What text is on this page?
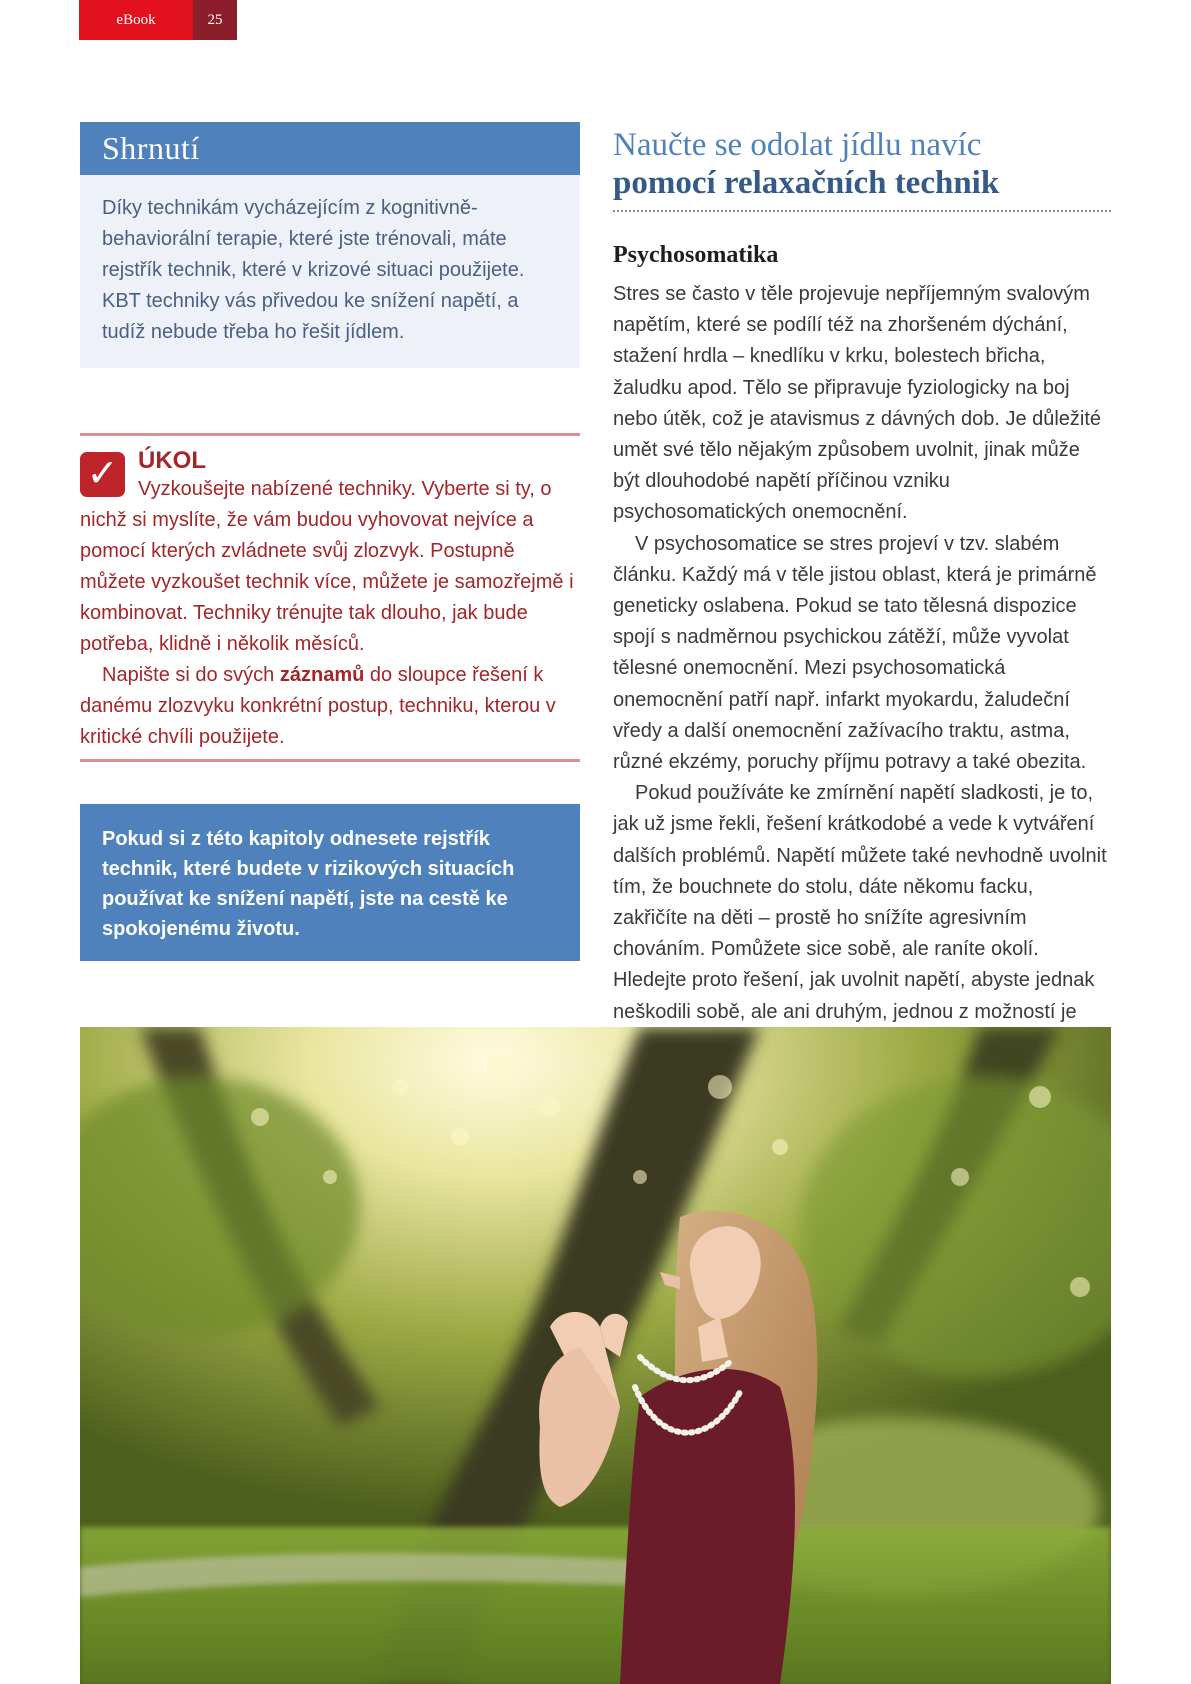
eBook	25
Shrnutí
Díky technikám vycházejícím z kognitivně-behaviorální terapie, které jste trénovali, máte rejstřík technik, které v krizové situaci použijete. KBT techniky vás přivedou ke snížení napětí, a tudíž nebude třeba ho řešit jídlem.
✓ ÚKOL

Vyzkoušejte nabízené techniky. Vyberte si ty, o nichž si myslíte, že vám budou vyhovovat nejvíce a pomocí kterých zvládnete svůj zlozvyk. Postupně můžete vyzkoušet technik více, můžete je samozřejmě i kombinovat. Techniky trénujte tak dlouho, jak bude potřeba, klidně i několik měsíců.

Napište si do svých záznamů do sloupce řešení k danému zlozvyku konkrétní postup, techniku, kterou v kritické chvíli použijete.

Pokud si z této kapitoly odnesete rejstřík technik, které budete v rizikových situacích používat ke snížení napětí, jste na cestě ke spokojenému životu.
Naučte se odolat jídlu navíc
pomocí relaxačních technik
Psychosomatika

Stres se často v těle projevuje nepříjemným svalovým napětím, které se podílí též na zhoršeném dýchání, stažení hrdla – knedlíku v krku, bolestech břicha, žaludku apod. Tělo se připravuje fyziologicky na boj nebo útěk, což je atavismus z dávných dob. Je důležité umět své tělo nějakým způsobem uvolnit, jinak může být dlouhodobé napětí příčinou vzniku psychosomatických onemocnění.

V psychosomatice se stres projeví v tzv. slabém článku. Každý má v těle jistou oblast, která je primárně geneticky oslabena. Pokud se tato tělesná dispozice spojí s nadměrnou psychickou zátěží, může vyvolat tělesné onemocnění. Mezi psychosomatická onemocnění patří např. infarkt myokardu, žaludeční vředy a další onemocnění zažívacího traktu, astma, různé ekzémy, poruchy příjmu potravy a také obezita.

Pokud používáte ke zmírnění napětí sladkosti, je to, jak už jsme řekli, řešení krátkodobé a vede k vytváření dalších problémů. Napětí můžete také nevhodně uvolnit tím, že bouchnete do stolu, dáte někomu facku, zakřičíte na děti – prostě ho snížíte agresivním chováním. Pomůžete sice sobě, ale raníte okolí. Hledejte proto řešení, jak uvolnit napětí, abyste jednak neškodili sobě, ale ani druhým, jednou z možností je
